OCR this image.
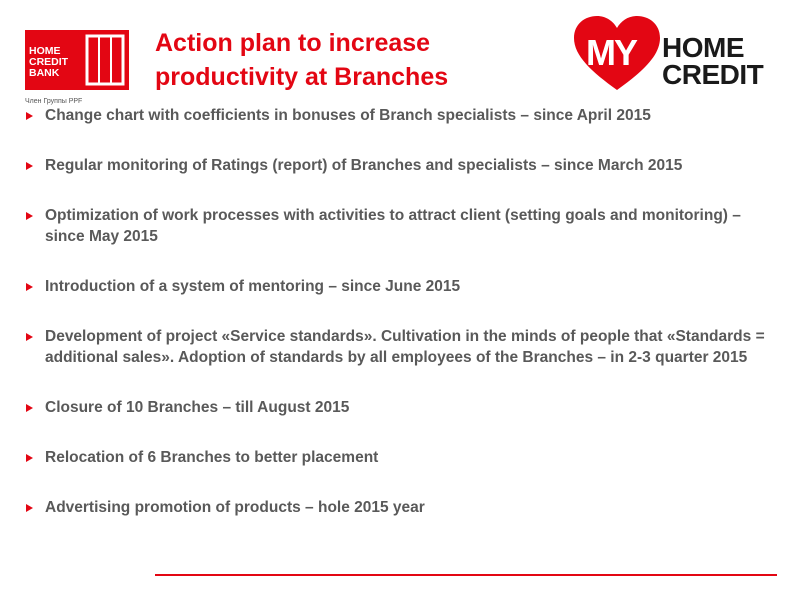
HOME
CREDIT
BANK
Член Группы PPF
Action plan to increase
productivity at Branches
MY HOME
CREDIT
Change chart with coefficients in bonuses of Branch specialists – since April 2015
Regular monitoring of Ratings (report) of Branches and specialists – since March 2015
Optimization of work processes with activities to attract client (setting goals and monitoring) – since May 2015
Introduction of a system of mentoring – since June 2015
Development of project «Service standards». Cultivation in the minds of people that «Standards = additional sales». Adoption of standards by all employees of the Branches – in 2-3 quarter 2015
Closure of 10 Branches – till August 2015
Relocation of 6 Branches to better placement
Advertising promotion of products – hole 2015 year
